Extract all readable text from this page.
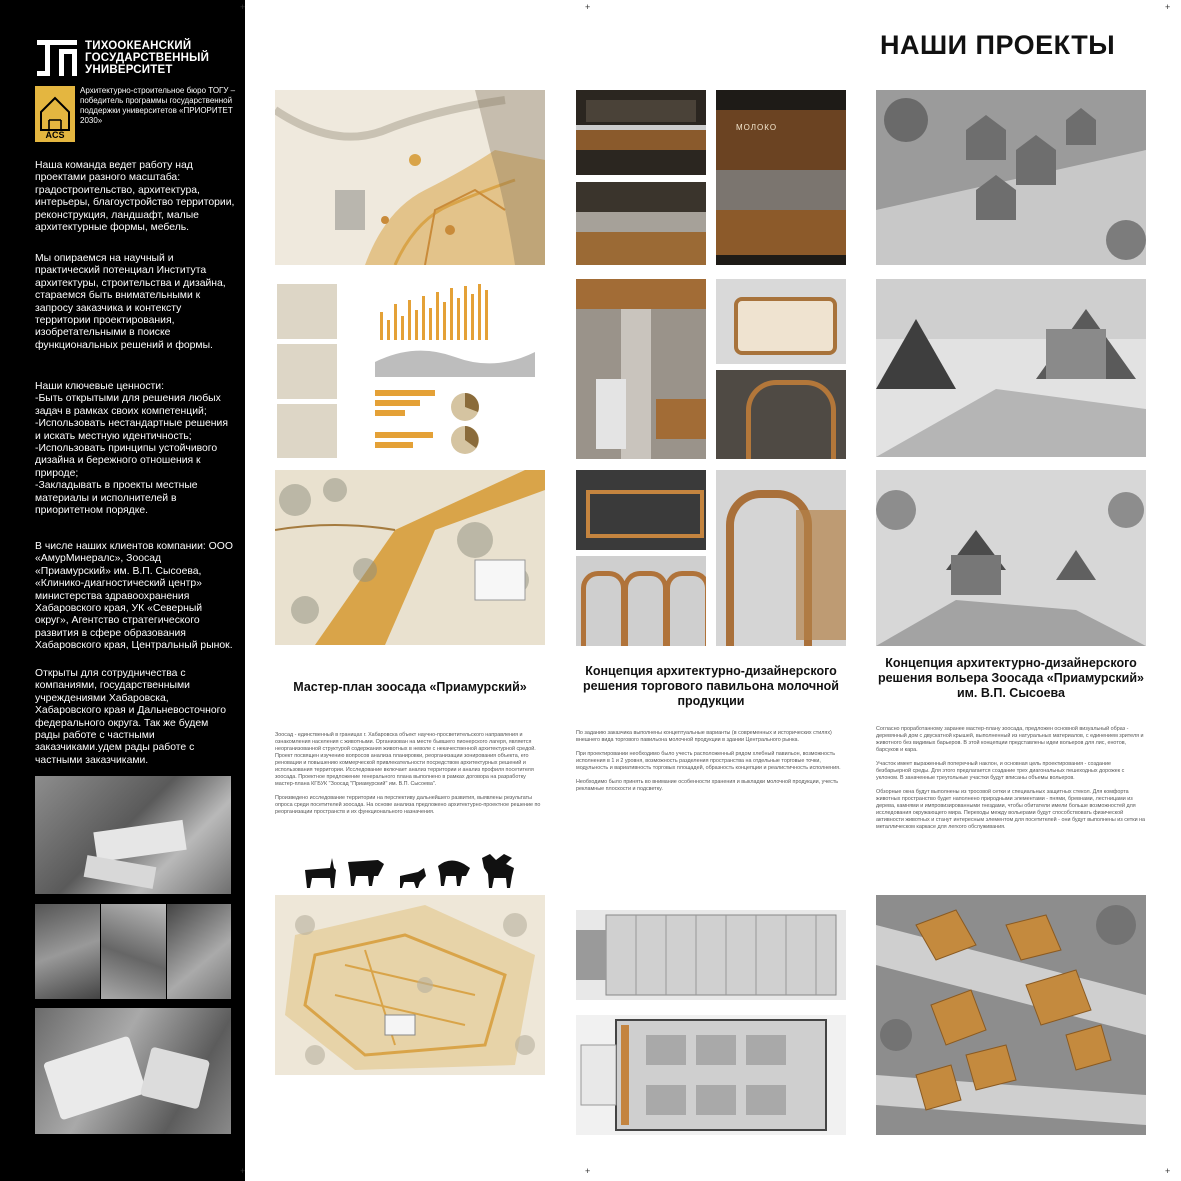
ТИХООКЕАНСКИЙ
ГОСУДАРСТВЕННЫЙ
УНИВЕРСИТЕТ
ACS
Архитектурно-строительное бюро ТОГУ – победитель программы государственной поддержки университетов «ПРИОРИТЕТ 2030»

Наша команда ведет работу над проектами разного масштаба: градостроительство, архитектура, интерьеры, благоустройство территории, реконструкция, ландшафт, малые архитектурные формы, мебель.

Мы опираемся на научный и практический потенциал Института архитектуры, строительства и дизайна, стараемся быть внимательными к запросу заказчика и контексту территории проектирования, изобретательными в поиске функциональных решений и формы.

Наши ключевые ценности:
-Быть открытыми для решения любых задач в рамках своих компетенций;
-Использовать нестандартные решения и искать местную идентичность;
-Использовать принципы устойчивого дизайна и бережного отношения к природе;
-Закладывать в проекты местные материалы и исполнителей в приоритетном порядке.

В числе наших клиентов компании: ООО «АмурМинералс», Зоосад «Приамурский» им. В.П. Сысоева, «Клинико-диагностический центр» министерства здравоохранения Хабаровского края, УК «Северный округ», Агентство стратегического развития в сфере образования Хабаровского края, Центральный рынок.

Открыты для сотрудничества с компаниями, государственными учреждениями Хабаровска, Хабаровского края и Дальневосточного федерального округа. Так же будем рады работе с частными заказчиками.удем рады работе с частными заказчиками.

+	+	+
+	+	+
НАШИ ПРОЕКТЫ
Мастер-план зоосада «Приамурский»

Зоосад - единственный в границах г. Хабаровска объект научно-просветительского направления и ознакомления населения с животными. Организован на месте бывшего пионерского лагеря, является неорганизованной структурой содержания животных в неволе с некачественной архитектурной средой. Проект посвящен изучению вопросов анализа планировки, реорганизации зонирования объекта, его реновации и повышению коммерческой привлекательности посредством архитектурных решений и использования территории. Исследование включает анализ территории и анализ профиля посетителя зоосада. Проектное предложение генерального плана выполнено в рамках договора на разработку мастер-плана КГБУК "Зоосад "Приамурский" им. В.П. Сысоева".

Произведено исследование территории на перспективу дальнейшего развития, выявлены результаты опроса среди посетителей зоосада. На основе анализа предложено архитектурно-проектное решение по реорганизации пространств и их функционального назначения.

МОЛОКО
Концепция архитектурно-дизайнерского решения торгового павильона молочной продукции

По заданию заказчика выполнены концептуальные варианты (в современных и исторических стилях) внешнего вида торгового павильона молочной продукции в здании Центрального рынка.

При проектировании необходимо было учесть расположенный рядом хлебный павильон, возможность исполнения в 1 и 2 уровня, возможность разделения пространства на отдельные торговые точки, модульность и вариативность торговых площадей, образность концепции и реалистичность исполнения.

Необходимо было принять во внимание особенности хранения и выкладки молочной продукции, учесть рекламные плоскости и подсветку.

Концепция архитектурно-дизайнерского решения вольера Зоосада «Приамурский» им. В.П. Сысоева

Согласно проработанному заранее мастер-плану зоосада, предложен основной визуальный образ - деревянный дом с двускатной крышей, выполненный из натуральных материалов, с единением зрителя и животного без видимых барьеров. В этой концепции представлены идеи вольеров для лис, енотов, барсуков и кара.

Участок имеет выраженный поперечный наклон, и основная цель проектирования - создание безбарьерной среды. Для этого предлагается создание трех диагональных пешеходных дорожек с уклоном. В заначенные треугольные участки будут вписаны объемы вольеров.

Обзорные окна будут выполнены из тросовой сетки и специальных защитных стекол. Для комфорта животных пространство будет наполнено природными элементами - пнями, бревнами, лестницами из дерева, камнями и импровизированными гнездами, чтобы обитатели имели больше возможностей для исследования окружающего мира. Переходы между вольерами будут способствовать физической активности животных и станут интересным элементом для посетителей - они будут выполнены из сетки на металлическом каркасе для легкого обслуживания.
